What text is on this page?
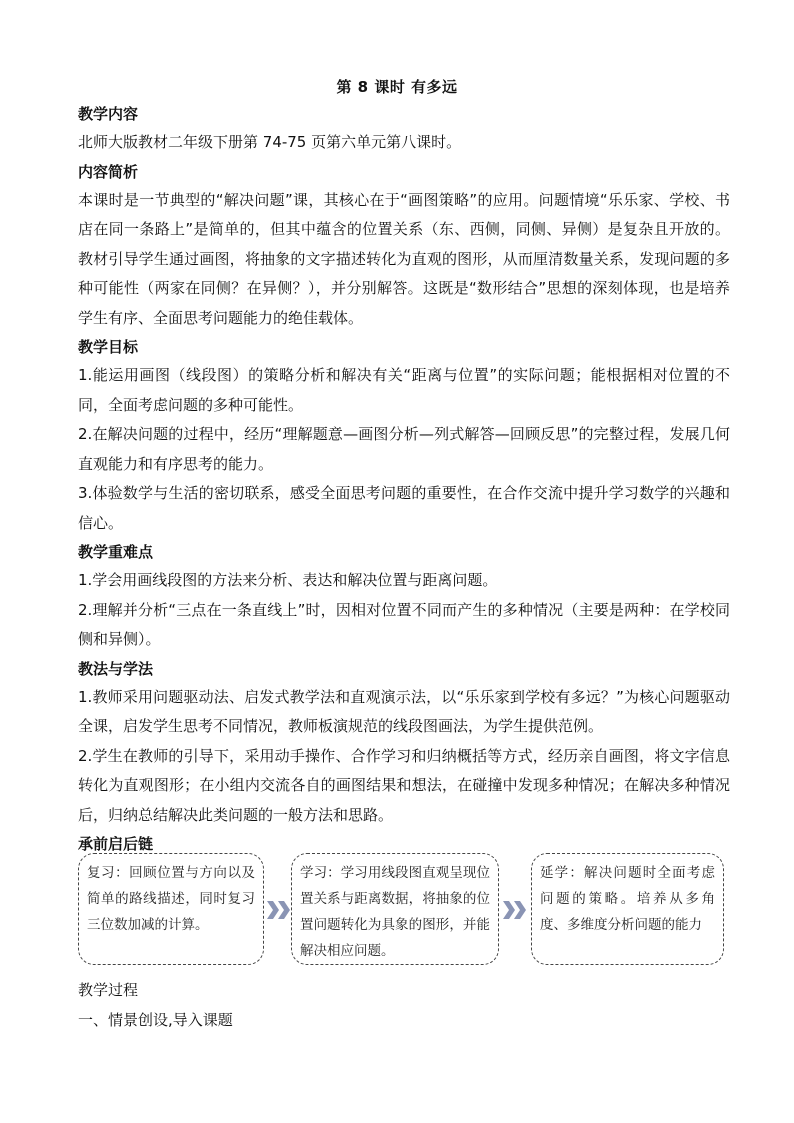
第 8 课时 有多远
教学内容
北师大版教材二年级下册第 74-75 页第六单元第八课时。
内容简析
本课时是一节典型的“解决问题”课，其核心在于“画图策略”的应用。问题情境“乐乐家、学校、书店在同一条路上”是简单的，但其中蕴含的位置关系（东、西侧，同侧、异侧）是复杂且开放的。教材引导学生通过画图，将抽象的文字描述转化为直观的图形，从而厘清数量关系，发现问题的多种可能性（两家在同侧？在异侧？），并分别解答。这既是“数形结合”思想的深刻体现，也是培养学生有序、全面思考问题能力的绝佳载体。
教学目标
1.能运用画图（线段图）的策略分析和解决有关“距离与位置”的实际问题；能根据相对位置的不同，全面考虑问题的多种可能性。
2.在解决问题的过程中，经历“理解题意—画图分析—列式解答—回顾反思”的完整过程，发展几何直观能力和有序思考的能力。
3.体验数学与生活的密切联系，感受全面思考问题的重要性，在合作交流中提升学习数学的兴趣和信心。
教学重难点
1.学会用画线段图的方法来分析、表达和解决位置与距离问题。
2.理解并分析“三点在一条直线上”时，因相对位置不同而产生的多种情况（主要是两种：在学校同侧和异侧）。
教法与学法
1.教师采用问题驱动法、启发式教学法和直观演示法，以“乐乐家到学校有多远？”为核心问题驱动全课，启发学生思考不同情况，教师板演规范的线段图画法，为学生提供范例。
2.学生在教师的引导下，采用动手操作、合作学习和归纳概括等方式，经历亲自画图，将文字信息转化为直观图形；在小组内交流各自的画图结果和想法，在碰撞中发现多种情况；在解决多种情况后，归纳总结解决此类问题的一般方法和思路。
承前启后链
复习：回顾位置与方向以及简单的路线描述，同时复习三位数加减的计算。
学习：学习用线段图直观呈现位置关系与距离数据，将抽象的位置问题转化为具象的图形，并能解决相应问题。
延学：解决问题时全面考虑问题的策略。培养从多角度、多维度分析问题的能力
教学过程
一、情景创设,导入课题
